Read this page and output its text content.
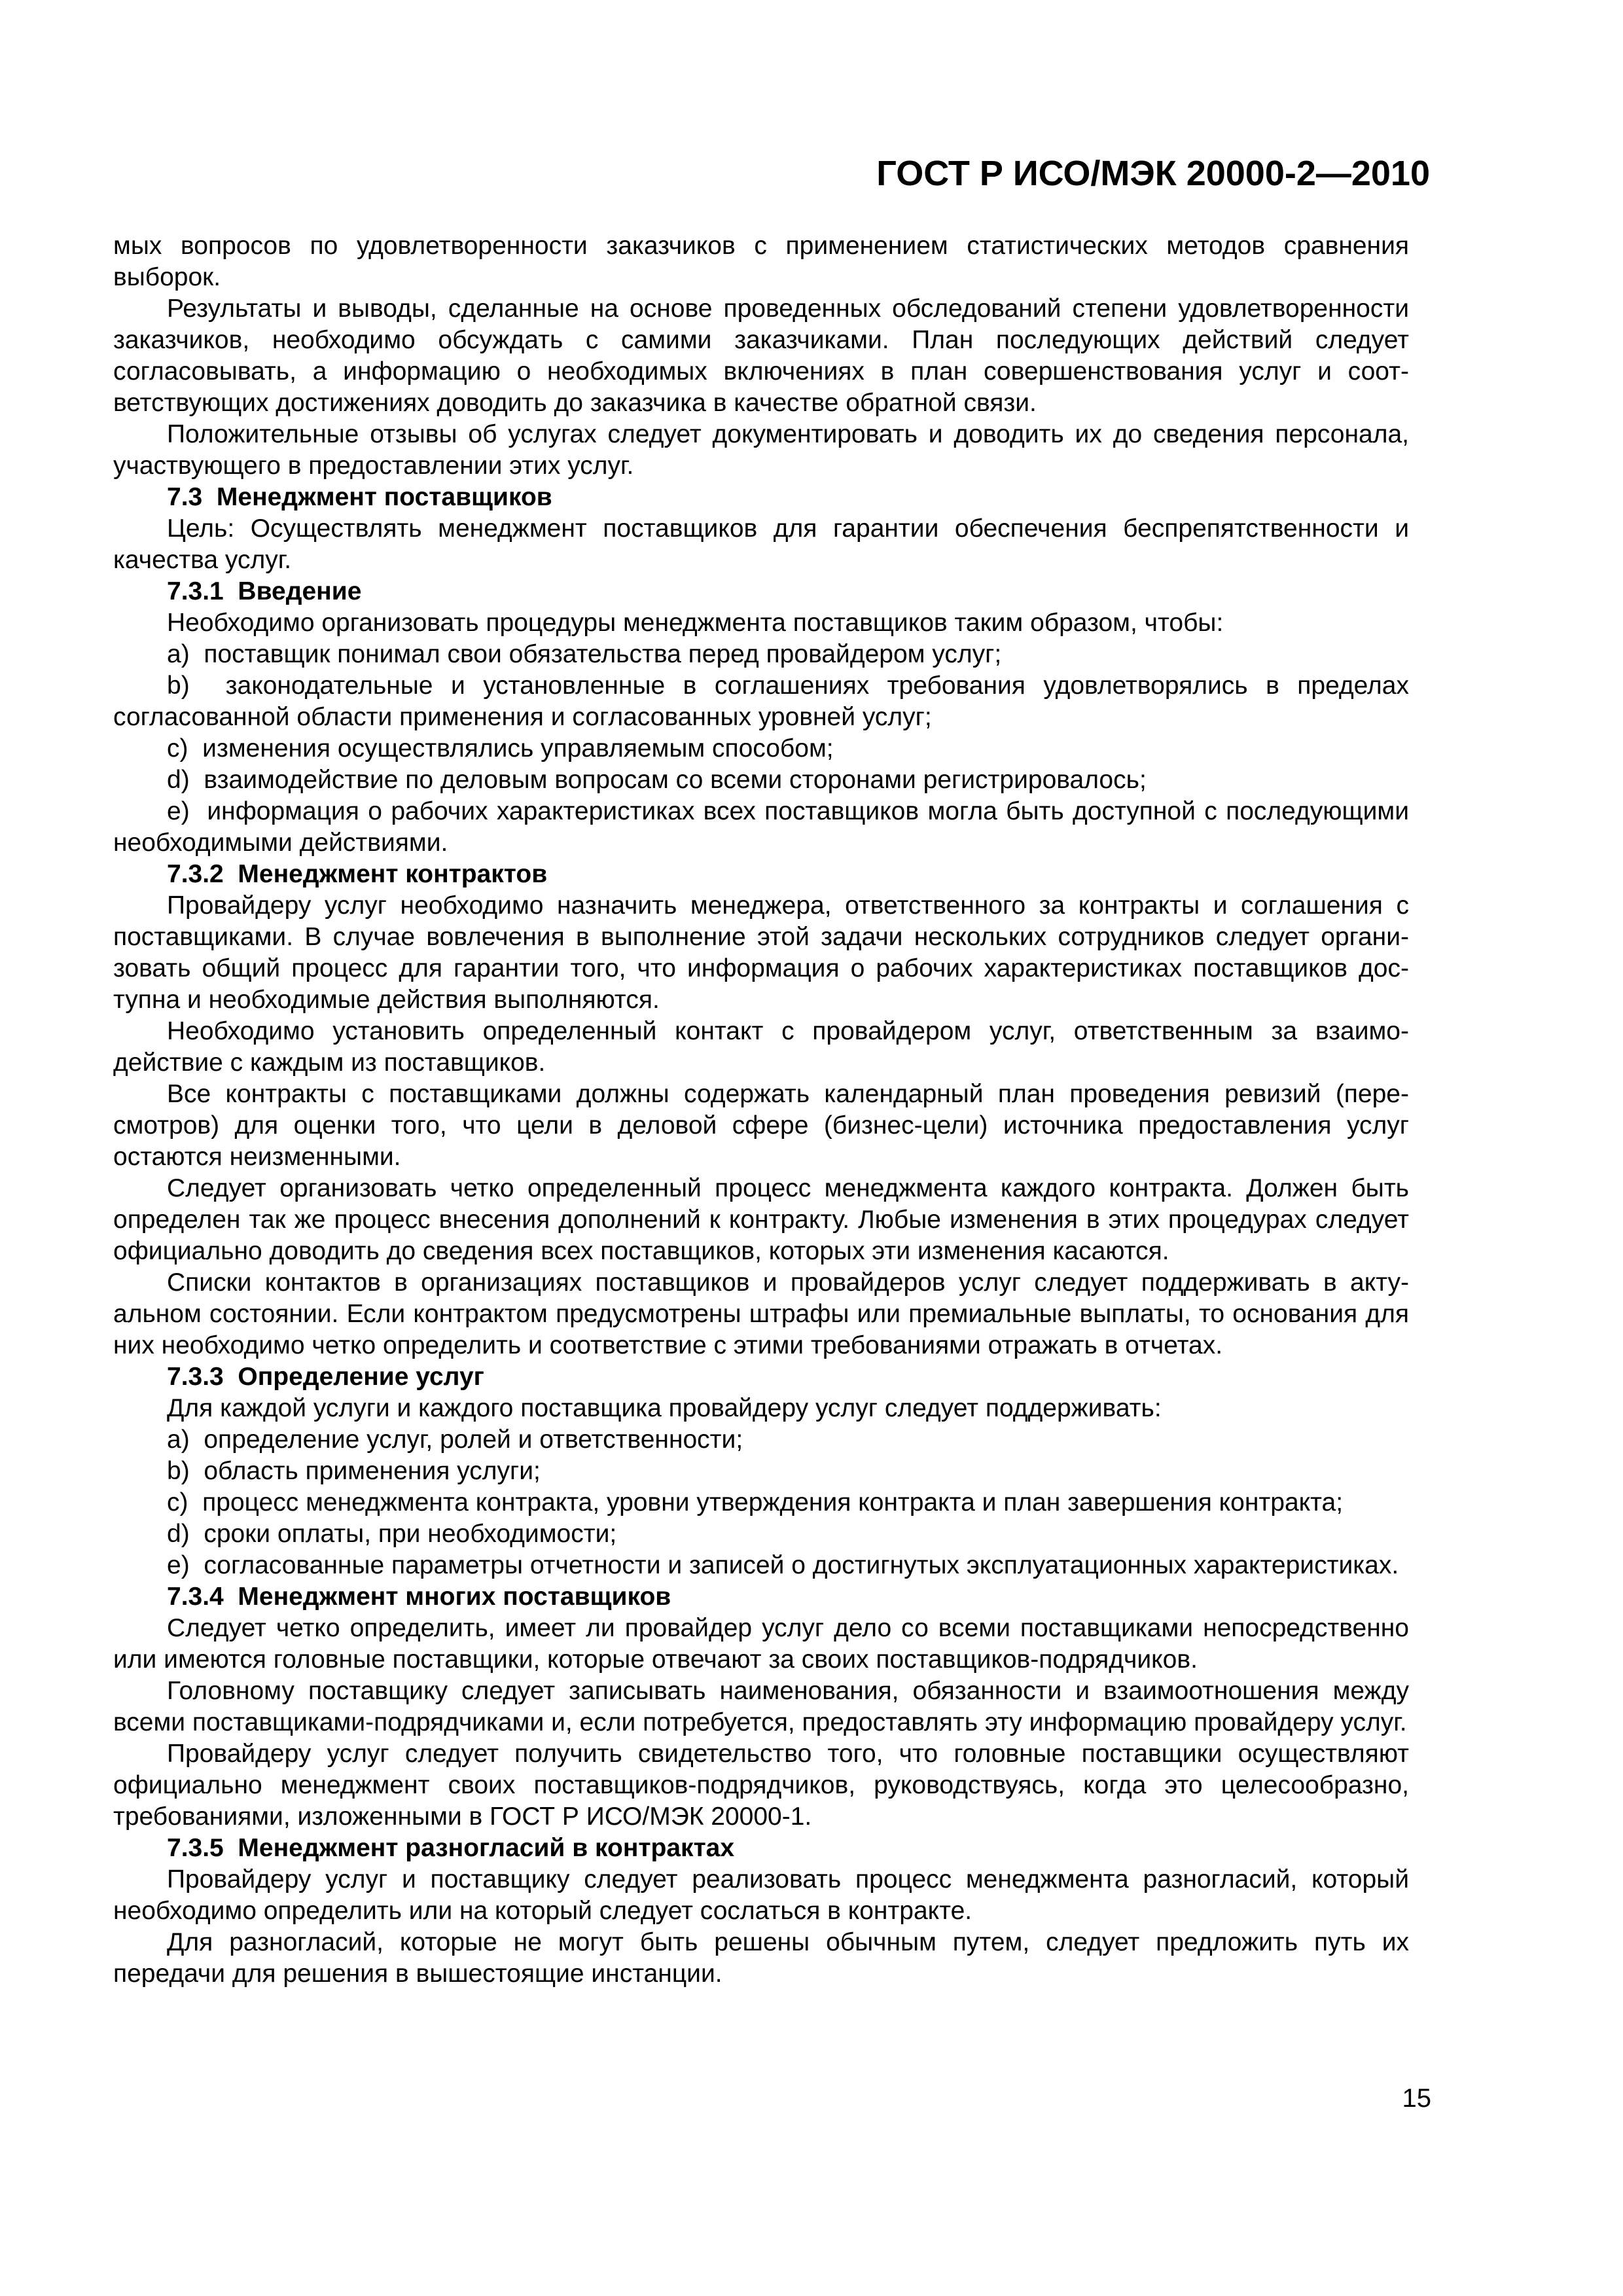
ГОСТ Р ИСО/МЭК 20000-2—2010

мых вопросов по удовлетворенности заказчиков с применением статистических методов сравнения выборок.

Результаты и выводы, сделанные на основе проведенных обследований степени удовлетворенности заказчиков, необходимо обсуждать с самими заказчиками. План последующих действий следует согласовывать, а информацию о необходимых включениях в план совершенствования услуг и соответствующих достижениях доводить до заказчика в качестве обратной связи.

Положительные отзывы об услугах следует документировать и доводить их до сведения персонала, участвующего в предоставлении этих услуг.

7.3  Менеджмент поставщиков

Цель: Осуществлять менеджмент поставщиков для гарантии обеспечения беспрепятственности и качества услуг.

7.3.1  Введение

Необходимо организовать процедуры менеджмента поставщиков таким образом, чтобы:

a)  поставщик понимал свои обязательства перед провайдером услуг;

b)  законодательные и установленные в соглашениях требования удовлетворялись в пределах согласованной области применения и согласованных уровней услуг;

c)  изменения осуществлялись управляемым способом;

d)  взаимодействие по деловым вопросам со всеми сторонами регистрировалось;

e)  информация о рабочих характеристиках всех поставщиков могла быть доступной с последующими необходимыми действиями.

7.3.2  Менеджмент контрактов

Провайдеру услуг необходимо назначить менеджера, ответственного за контракты и соглашения с поставщиками. В случае вовлечения в выполнение этой задачи нескольких сотрудников следует организовать общий процесс для гарантии того, что информация о рабочих характеристиках поставщиков доступна и необходимые действия выполняются.

Необходимо установить определенный контакт с провайдером услуг, ответственным за взаимодействие с каждым из поставщиков.

Все контракты с поставщиками должны содержать календарный план проведения ревизий (пересмотров) для оценки того, что цели в деловой сфере (бизнес-цели) источника предоставления услуг остаются неизменными.

Следует организовать четко определенный процесс менеджмента каждого контракта. Должен быть определен так же процесс внесения дополнений к контракту. Любые изменения в этих процедурах следует официально доводить до сведения всех поставщиков, которых эти изменения касаются.

Списки контактов в организациях поставщиков и провайдеров услуг следует поддерживать в актуальном состоянии. Если контрактом предусмотрены штрафы или премиальные выплаты, то основания для них необходимо четко определить и соответствие с этими требованиями отражать в отчетах.

7.3.3  Определение услуг

Для каждой услуги и каждого поставщика провайдеру услуг следует поддерживать:

a)  определение услуг, ролей и ответственности;

b)  область применения услуги;

c)  процесс менеджмента контракта, уровни утверждения контракта и план завершения контракта;

d)  сроки оплаты, при необходимости;

e)  согласованные параметры отчетности и записей о достигнутых эксплуатационных характеристиках.

7.3.4  Менеджмент многих поставщиков

Следует четко определить, имеет ли провайдер услуг дело со всеми поставщиками непосредственно или имеются головные поставщики, которые отвечают за своих поставщиков-подрядчиков.

Головному поставщику следует записывать наименования, обязанности и взаимоотношения между всеми поставщиками-подрядчиками и, если потребуется, предоставлять эту информацию провайдеру услуг.

Провайдеру услуг следует получить свидетельство того, что головные поставщики осуществляют официально менеджмент своих поставщиков-подрядчиков, руководствуясь, когда это целесообразно, требованиями, изложенными в ГОСТ Р ИСО/МЭК 20000-1.

7.3.5  Менеджмент разногласий в контрактах

Провайдеру услуг и поставщику следует реализовать процесс менеджмента разногласий, который необходимо определить или на который следует сослаться в контракте.

Для разногласий, которые не могут быть решены обычным путем, следует предложить путь их передачи для решения в вышестоящие инстанции.

15
